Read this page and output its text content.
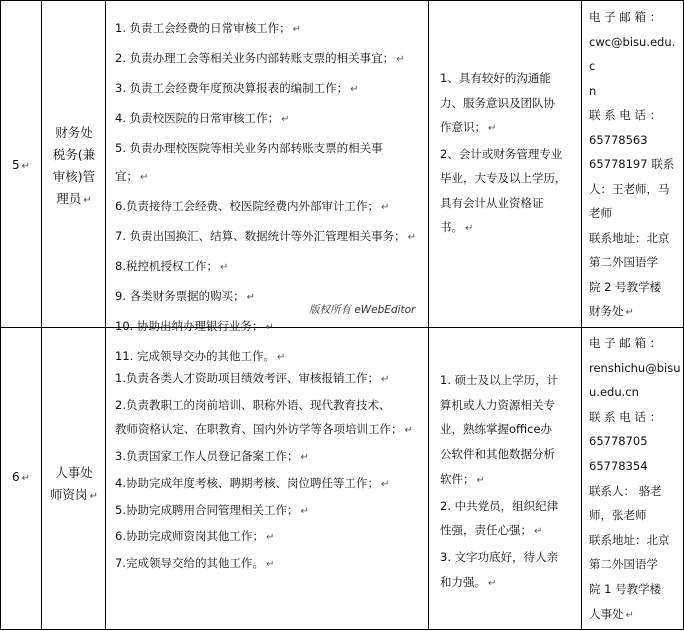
5 ↵
财务处
税务(兼
审核)管
理员 ↵
1. 负责工会经费的日常审核工作； ↵
2. 负责办理工会等相关业务内部转账支票的相关事宜； ↵
3. 负责工会经费年度预决算报表的编制工作； ↵
4. 负责校医院的日常审核工作； ↵
5. 负责办理校医院等相关业务内部转账支票的相关事
宜； ↵
6.负责接待工会经费、校医院经费内外部审计工作； ↵
7. 负责出国换汇、结算、数据统计等外汇管理相关事务； ↵
8.税控机授权工作； ↵
9. 各类财务票据的购买； ↵
10. 协助出纳办理银行业务； ↵
11. 完成领导交办的其他工作。 ↵
1、具有较好的沟通能
力、服务意识及团队协
作意识； ↵
2、会计或财务管理专业
毕业，大专及以上学历，
具有会计从业资格证
书。 ↵
电 子 邮 箱 ：
cwc@bisu.edu.c
n
联 系 电 话 ：
65778563
65778197 联系
人：王老师，马
老师
联系地址：北京
第二外国语学
院 2 号教学楼
财务处 ↵
6 ↵	人事处
师资岗 ↵
1.负责各类人才资助项目绩效考评、审核报销工作； ↵
2.负责教职工的岗前培训、职称外语、现代教育技术、
教师资格认定、在职教育、国内外访学等各项培训工作； ↵
3.负责国家工作人员登记备案工作； ↵
4.协助完成年度考核、聘期考核、岗位聘任等工作； ↵
5.协助完成聘用合同管理相关工作； ↵
6.协助完成师资岗其他工作； ↵
7.完成领导交给的其他工作。 ↵
1. 硕士及以上学历，计
算机或人力资源相关专
业，熟练掌握office办
公软件和其他数据分析
软件； ↵
2. 中共党员，组织纪律
性强，责任心强； ↵
3. 文字功底好，待人亲
和力强。 ↵
电 子 邮 箱 ：
renshichu@bisu
u.edu.cn
联 系 电 话 ：
65778705
65778354
联系人： 骆老
师，张老师
联系地址：北京
第二外国语学
院 1 号教学楼
人事处 ↵
版权所有 eWebEditor
